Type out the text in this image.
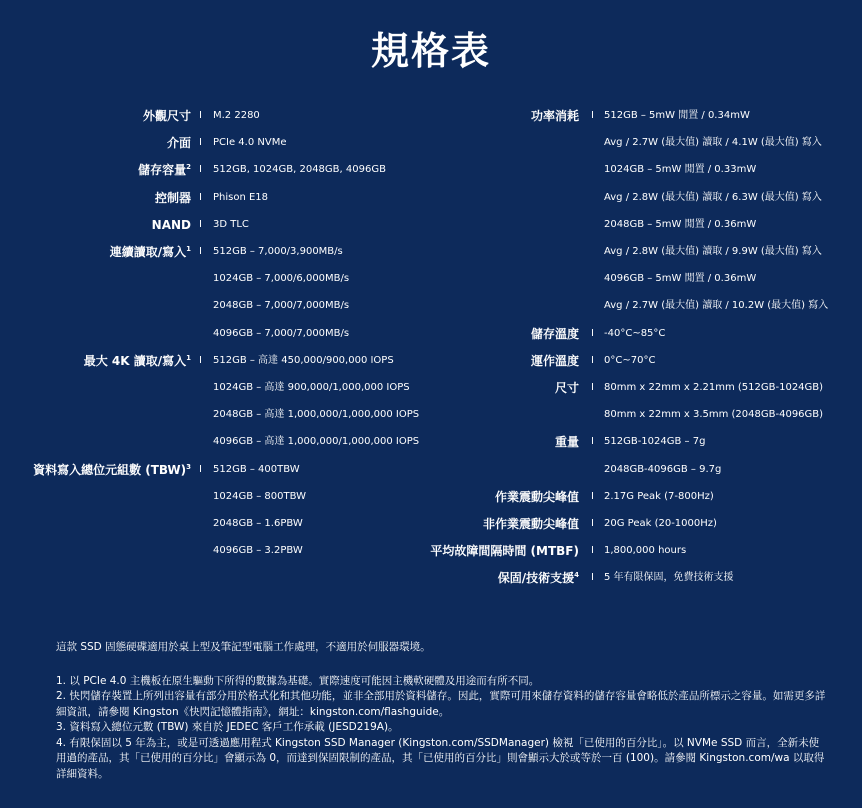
規格表
外觀尺寸 I M.2 2280
介面 I PCIe 4.0 NVMe
儲存容量$^2$ I 512GB, 1024GB, 2048GB, 4096GB
控制器 I Phison E18
NAND I 3D TLC
連續讀取/寫入$^1$ I 512GB – 7,000/3,900MB/s
1024GB – 7,000/6,000MB/s
2048GB – 7,000/7,000MB/s
4096GB – 7,000/7,000MB/s
最大 4K 讀取/寫入$^1$ I 512GB – 高達 450,000/900,000 IOPS
1024GB – 高達 900,000/1,000,000 IOPS
2048GB – 高達 1,000,000/1,000,000 IOPS
4096GB – 高達 1,000,000/1,000,000 IOPS
資料寫入總位元組數 (TBW)$^3$ I 512GB – 400TBW
1024GB – 800TBW
2048GB – 1.6PBW
4096GB – 3.2PBW
功率消耗 I 512GB – 5mW 閒置 / 0.34mW
Avg / 2.7W (最大值) 讀取 / 4.1W (最大值) 寫入
1024GB – 5mW 閒置 / 0.33mW
Avg / 2.8W (最大值) 讀取 / 6.3W (最大值) 寫入
2048GB – 5mW 閒置 / 0.36mW
Avg / 2.8W (最大值) 讀取 / 9.9W (最大值) 寫入
4096GB – 5mW 閒置 / 0.36mW
Avg / 2.7W (最大值) 讀取 / 10.2W (最大值) 寫入
儲存溫度 I -40°C~85°C
運作溫度 I 0°C~70°C
尺寸 I 80mm x 22mm x 2.21mm (512GB-1024GB)
80mm x 22mm x 3.5mm (2048GB-4096GB)
重量 I 512GB-1024GB – 7g
2048GB-4096GB – 9.7g
作業震動尖峰值 I 2.17G Peak (7-800Hz)
非作業震動尖峰值 I 20G Peak (20-1000Hz)
平均故障間隔時間 (MTBF) I 1,800,000 hours
保固/技術支援$^4$ I 5 年有限保固，免費技術支援

這款 SSD 固態硬碟適用於桌上型及筆記型電腦工作處理，不適用於伺服器環境。

1. 以 PCIe 4.0 主機板在原生驅動下所得的數據為基礎。實際速度可能因主機軟硬體及用途而有所不同。

2. 快閃儲存裝置上所列出容量有部分用於格式化和其他功能，並非全部用於資料儲存。因此，實際可用來儲存資料的儲存容量會略低於產品所標示之容量。如需更多詳細資訊，請參閱 Kingston《快閃記憶體指南》，網址：kingston.com/flashguide。

3. 資料寫入總位元數 (TBW) 來自於 JEDEC 客戶工作承載 (JESD219A)。

4. 有限保固以 5 年為主，或是可透過應用程式 Kingston SSD Manager (Kingston.com/SSDManager) 檢視「已使用的百分比」。以 NVMe SSD 而言，全新未使用過的產品，其「已使用的百分比」會顯示為 0，而達到保固限制的產品，其「已使用的百分比」則會顯示大於或等於一百 (100)。請參閱 Kingston.com/wa 以取得詳細資料。
